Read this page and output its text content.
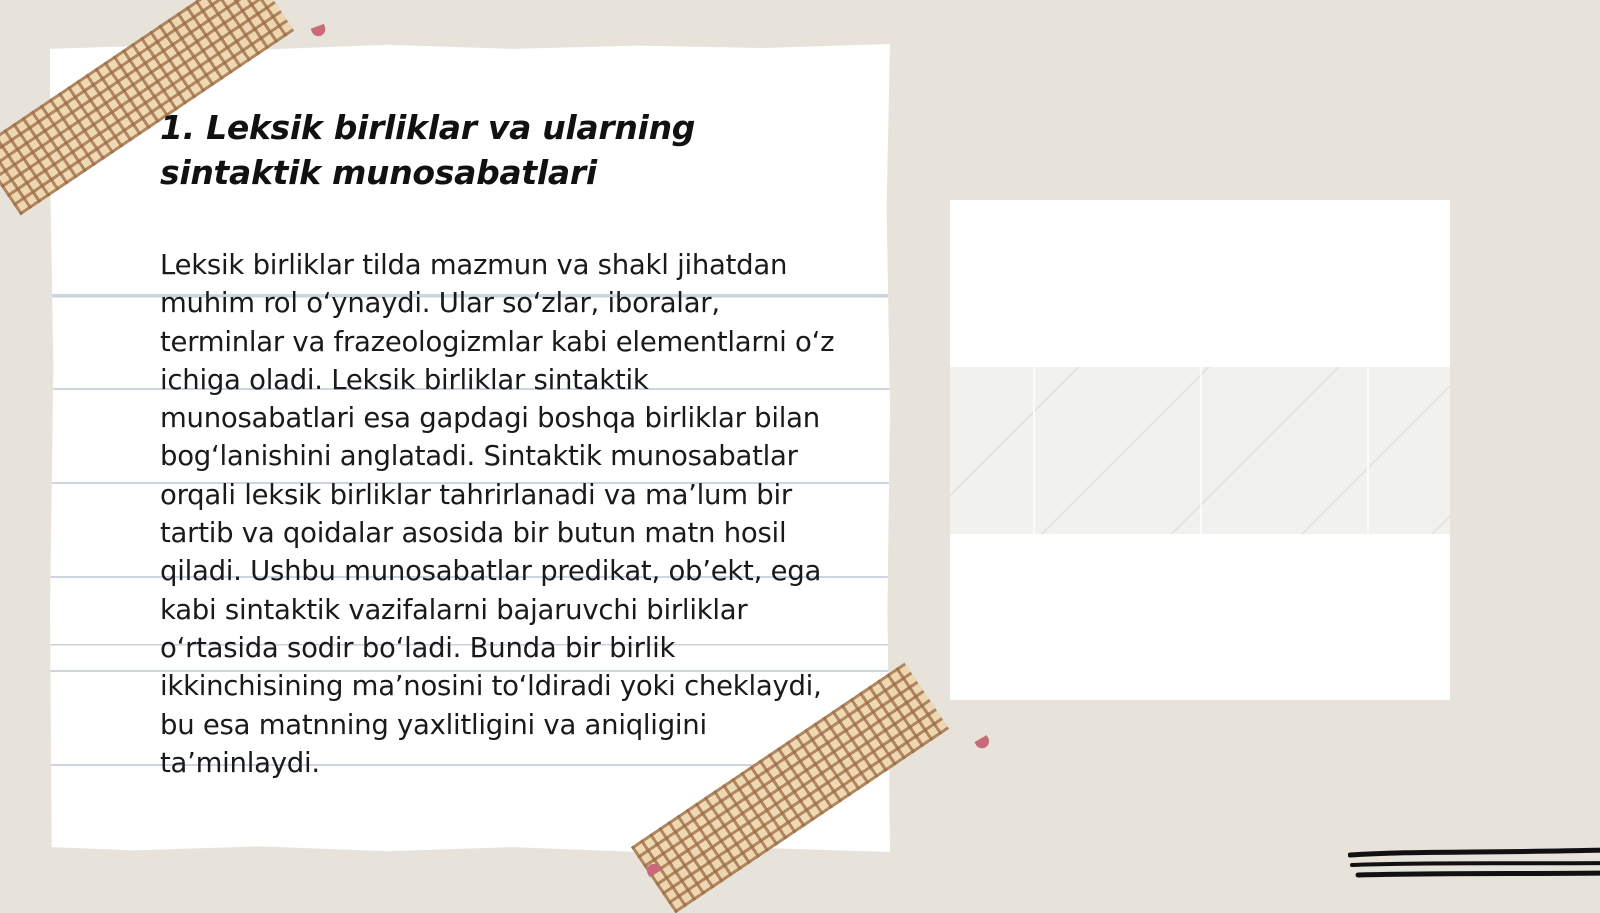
1. Leksik birliklar va ularning sintaktik munosabatlari

Leksik birliklar tilda mazmun va shakl jihatdan muhim rol o‘ynaydi. Ular so‘zlar, iboralar, terminlar va frazeologizmlar kabi elementlarni o‘z ichiga oladi. Leksik birliklar sintaktik munosabatlari esa gapdagi boshqa birliklar bilan bog‘lanishini anglatadi. Sintaktik munosabatlar orqali leksik birliklar tahrirlanadi va ma’lum bir tartib va qoidalar asosida bir butun matn hosil qiladi. Ushbu munosabatlar predikat, ob’ekt, ega kabi sintaktik vazifalarni bajaruvchi birliklar o‘rtasida sodir bo‘ladi. Bunda bir birlik ikkinchisining ma’nosini to‘ldiradi yoki cheklaydi, bu esa matnning yaxlitligini va aniqligini ta’minlaydi.
